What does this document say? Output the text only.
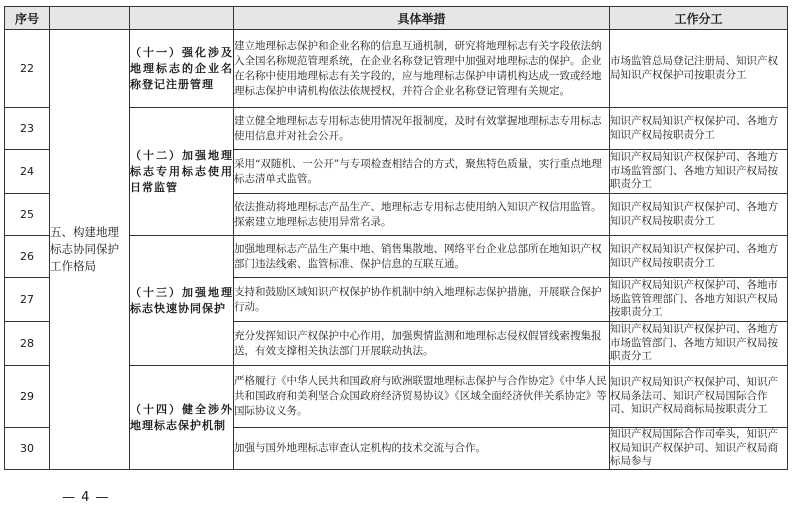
序号			具体举措	工作分工
22	五、构建地理标志协同保护工作格局	（十一）强化涉及地理标志的企业名称登记注册管理	建立地理标志保护和企业名称的信息互通机制，研究将地理标志有关字段依法纳入全国名称规范管理系统，在企业名称登记管理中加强对地理标志的保护。企业在名称中使用地理标志有关字段的，应与地理标志保护申请机构达成一致或经地理标志保护申请机构依法依规授权，并符合企业名称登记管理有关规定。	市场监管总局登记注册局、知识产权局知识产权保护司按职责分工
23		（十二）加强地理标志专用标志使用日常监管	建立健全地理标志专用标志使用情况年报制度，及时有效掌握地理标志专用标志使用信息并对社会公开。	知识产权局知识产权保护司、各地方知识产权局按职责分工
24			采用“双随机、一公开”与专项检查相结合的方式，聚焦特色质量，实行重点地理标志清单式监管。	知识产权局知识产权保护司、各地方市场监管部门、各地方知识产权局按职责分工
25			依法推动将地理标志产品生产、地理标志专用标志使用纳入知识产权信用监管。探索建立地理标志使用异常名录。	知识产权局知识产权保护司、各地方知识产权局按职责分工
26		（十三）加强地理标志快速协同保护	加强地理标志产品生产集中地、销售集散地、网络平台企业总部所在地知识产权部门违法线索、监管标准、保护信息的互联互通。	知识产权局知识产权保护司、各地方知识产权局按职责分工
27			支持和鼓励区域知识产权保护协作机制中纳入地理标志保护措施，开展联合保护行动。	知识产权局知识产权保护司、各地市场监管管理部门、各地方知识产权局按职责分工
28			充分发挥知识产权保护中心作用，加强舆情监测和地理标志侵权假冒线索搜集报送，有效支撑相关执法部门开展联动执法。	知识产权局知识产权保护司、各地方市场监管部门、各地方知识产权局按职责分工
29		（十四）健全涉外地理标志保护机制	严格履行《中华人民共和国政府与欧洲联盟地理标志保护与合作协定》《中华人民共和国政府和美利坚合众国政府经济贸易协议》《区域全面经济伙伴关系协定》等国际协议义务。	知识产权局知识产权保护司、知识产权局条法司、知识产权局国际合作司、知识产权局商标局按职责分工
30			加强与国外地理标志审查认定机构的技术交流与合作。	知识产权局国际合作司牵头，知识产权局知识产权保护司、知识产权局商标局参与
— 4 —
